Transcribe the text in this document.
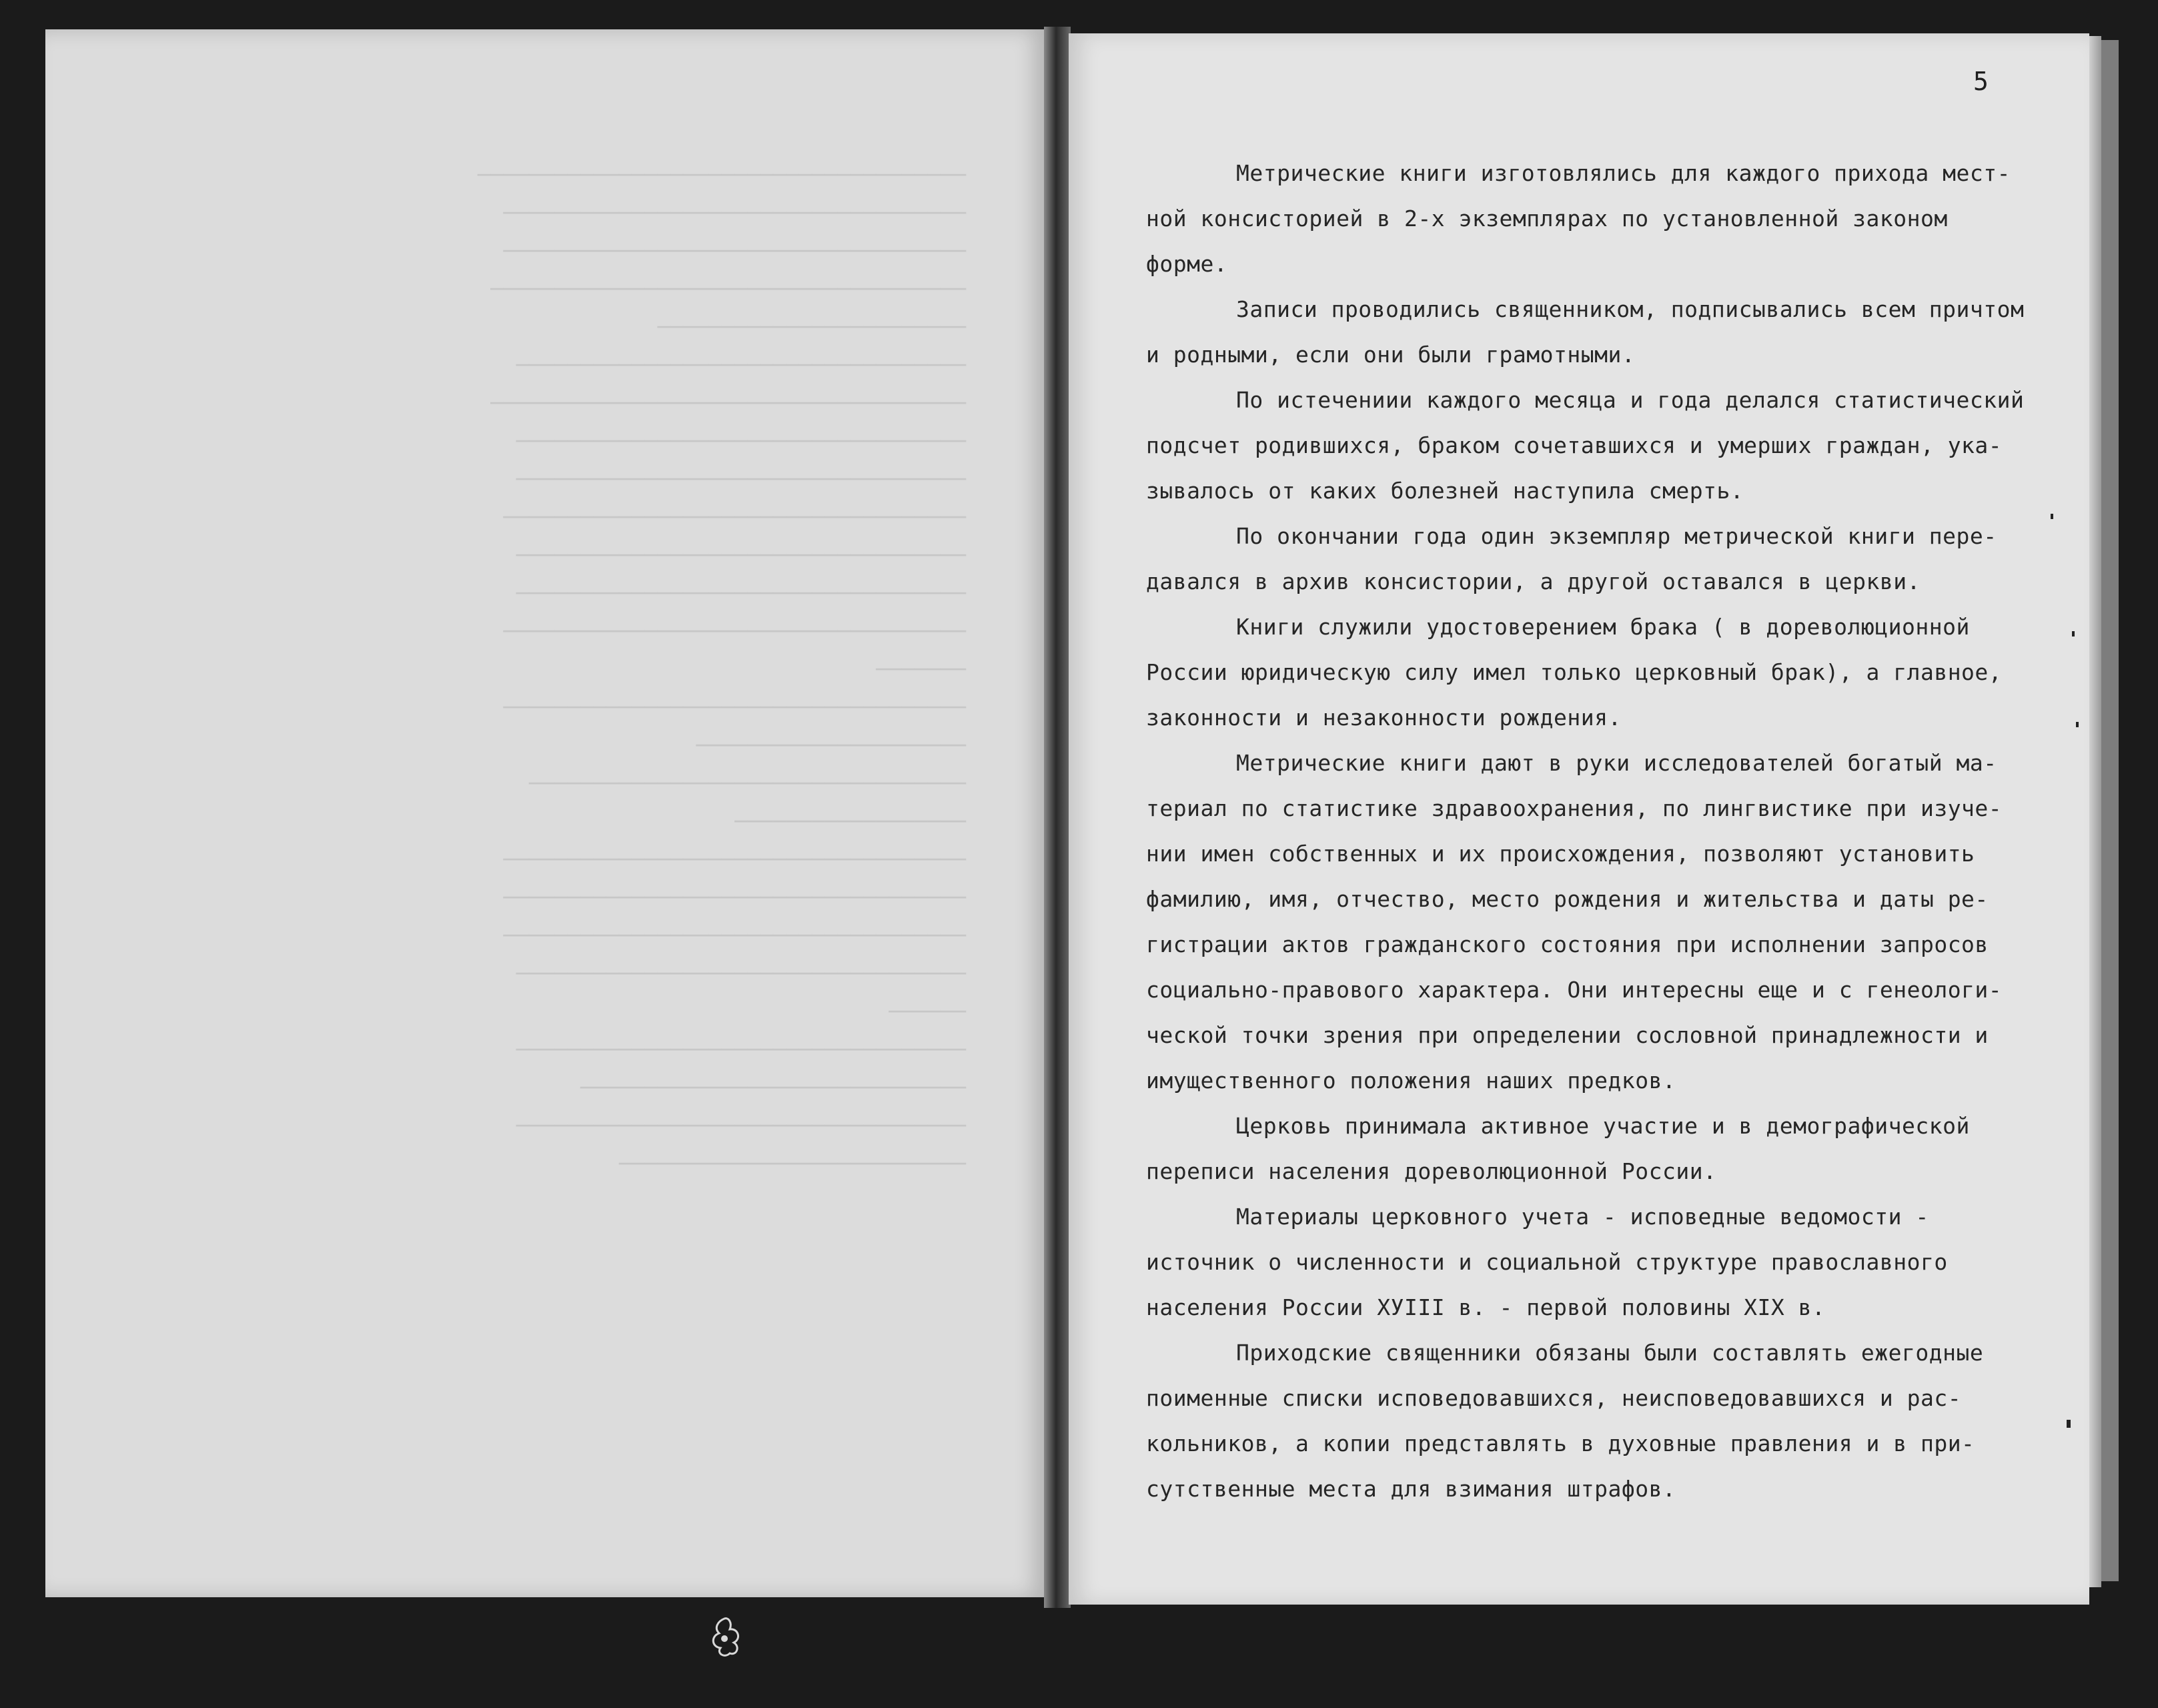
──────────────────────────────────────
────────────────────────────────────
────────────────────────────────────
─────────────────────────────────────
────────────────────────
───────────────────────────────────
─────────────────────────────────────
───────────────────────────────────
───────────────────────────────────
────────────────────────────────────
───────────────────────────────────
───────────────────────────────────
────────────────────────────────────
───────
────────────────────────────────────
─────────────────────
──────────────────────────────────
──────────────────
────────────────────────────────────
────────────────────────────────────
────────────────────────────────────
───────────────────────────────────
──────
───────────────────────────────────
──────────────────────────────
───────────────────────────────────
───────────────────────────
5
Метрические книги изготовлялись для каждого прихода мест-
ной консисторией в 2-х экземплярах по установленной законом
форме.
Записи проводились священником, подписывались всем причтом
и родными, если они были грамотными.
По истечениии каждого месяца и года делался статистический
подсчет родившихся, браком сочетавшихся и умерших граждан, ука-
зывалось от каких болезней наступила смерть.
По окончании года один экземпляр метрической книги пере-
давался в архив консистории, а другой оставался в церкви.
Книги служили удостоверением брака ( в дореволюционной
России юридическую силу имел только церковный брак), а главное,
законности и незаконности рождения.
Метрические книги дают в руки исследователей богатый ма-
териал по статистике здравоохранения, по лингвистике при изуче-
нии имен собственных и их происхождения, позволяют установить
фамилию, имя, отчество, место рождения и жительства и даты ре-
гистрации актов гражданского состояния при исполнении запросов
социально-правового характера. Они интересны еще и с генеологи-
ческой точки зрения при определении сословной принадлежности и
имущественного положения наших предков.
Церковь принимала активное участие и в демографической
переписи населения дореволюционной России.
Материалы церковного учета - исповедные ведомости -
источник о численности и социальной структуре православного
населения России ХУIII в. - первой половины XIX в.
Приходские священники обязаны были составлять ежегодные
поименные списки исповедовавшихся, неисповедовавшихся и рас-
кольников, а копии представлять в духовные правления и в при-
сутственные места для взимания штрафов.
